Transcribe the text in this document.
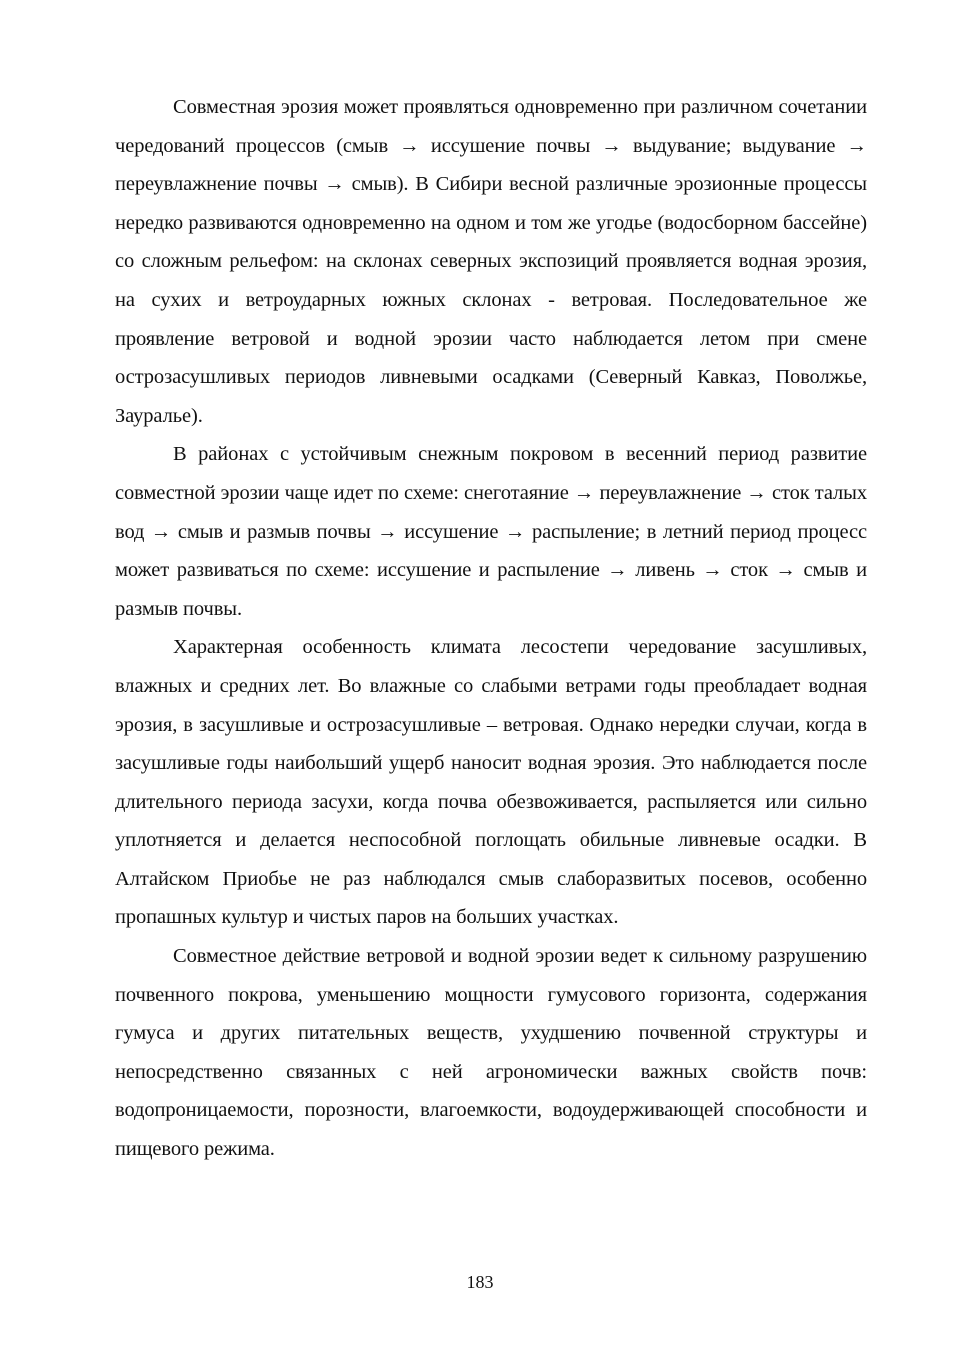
Совместная эрозия может проявляться одновременно при различном сочетании чередований процессов (смыв → иссушение почвы → выдувание; выдувание → переувлажнение почвы → смыв). В Сибири весной различные эрозионные процессы нередко развиваются одновременно на одном и том же угодье (водосборном бассейне) со сложным рельефом: на склонах северных экспозиций проявляется водная эрозия, на сухих и ветроударных южных склонах - ветровая. Последовательное же проявление ветровой и водной эрозии часто наблюдается летом при смене острозасушливых периодов ливневыми осадками (Северный Кавказ, Поволжье, Зауралье).

В районах с устойчивым снежным покровом в весенний период развитие совместной эрозии чаще идет по схеме: снеготаяние → переувлажнение → сток талых вод → смыв и размыв почвы → иссушение → распыление; в летний период процесс может развиваться по схеме: иссушение и распыление → ливень → сток → смыв и размыв почвы.

Характерная особенность климата лесостепи чередование засушливых, влажных и средних лет. Во влажные со слабыми ветрами годы преобладает водная эрозия, в засушливые и острозасушливые – ветровая. Однако нередки случаи, когда в засушливые годы наибольший ущерб наносит водная эрозия. Это наблюдается после длительного периода засухи, когда почва обезвоживается, распыляется или сильно уплотняется и делается неспособной поглощать обильные ливневые осадки. В Алтайском Приобье не раз наблюдался смыв слаборазвитых посевов, особенно пропашных культур и чистых паров на больших участках.

Совместное действие ветровой и водной эрозии ведет к сильному разрушению почвенного покрова, уменьшению мощности гумусового горизонта, содержания гумуса и других питательных веществ, ухудшению почвенной структуры и непосредственно связанных с ней агрономически важных свойств почв: водопроницаемости, порозности, влагоемкости, водоудерживающей способности и пищевого режима.

183
